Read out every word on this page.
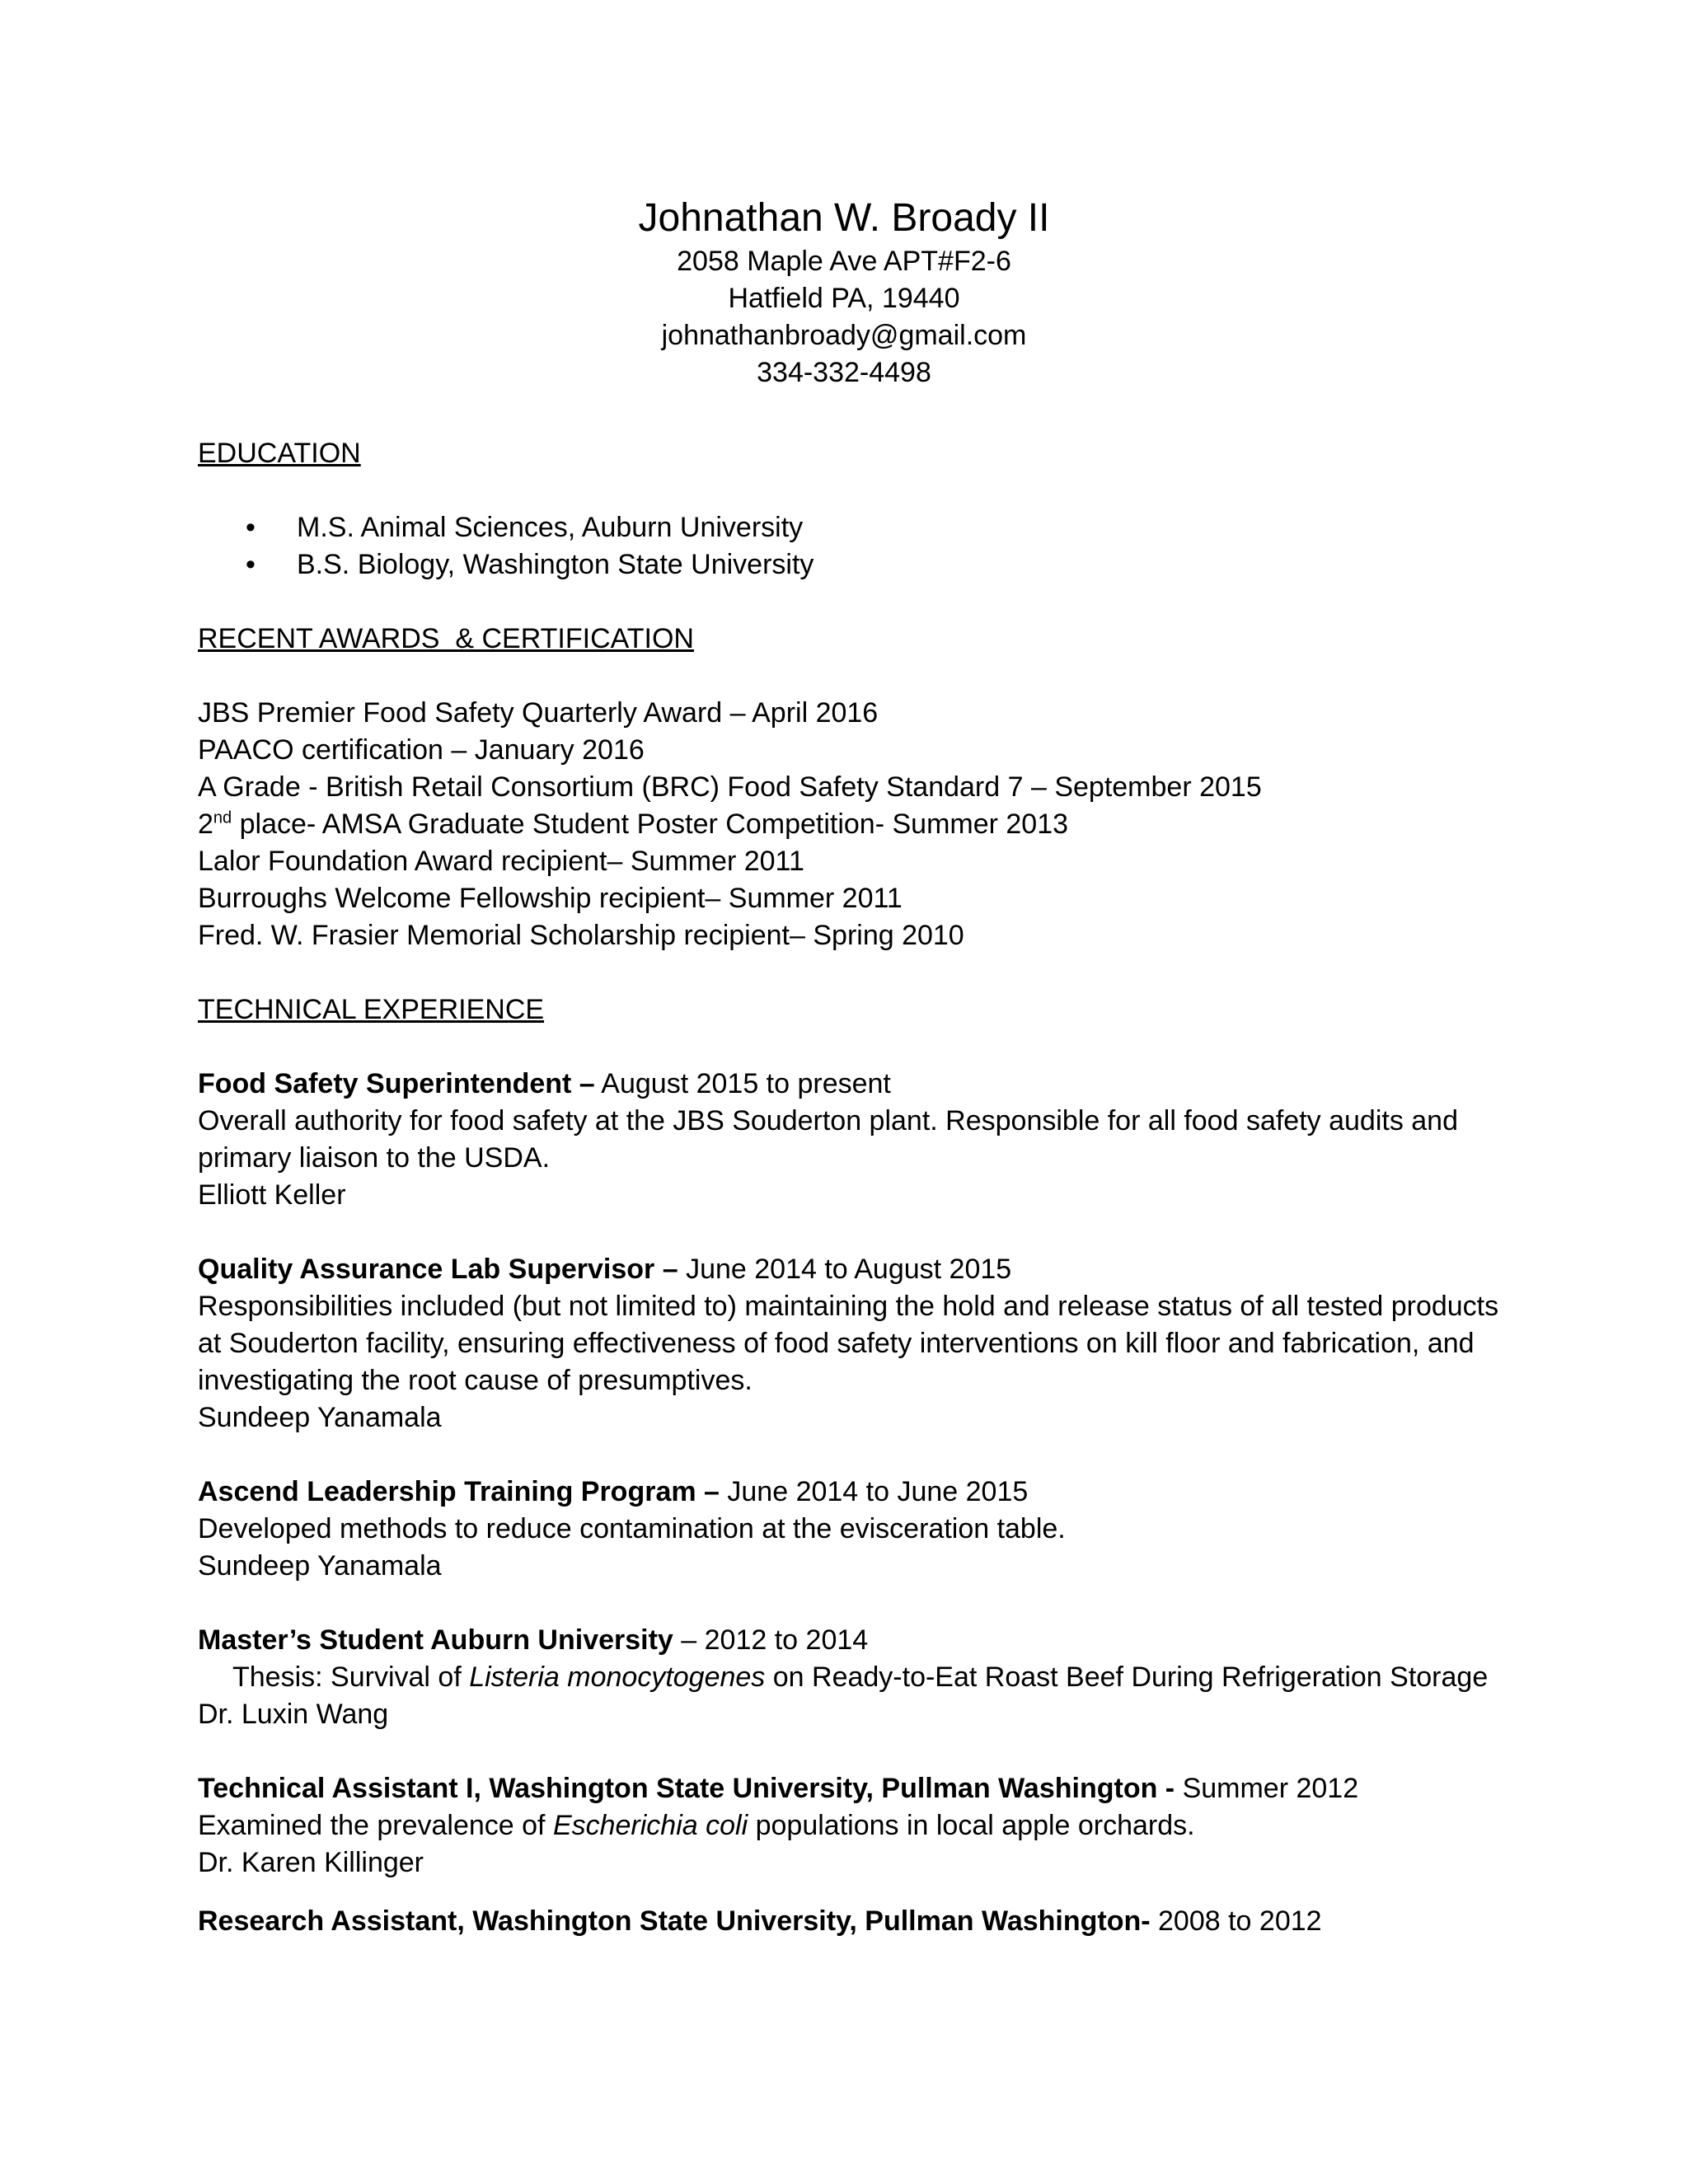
Johnathan W. Broady II

2058 Maple Ave APT#F2-6

Hatfield PA, 19440

johnathanbroady@gmail.com

334-332-4498

EDUCATION

• M.S. Animal Sciences, Auburn University
• B.S. Biology, Washington State University

RECENT AWARDS  & CERTIFICATION

JBS Premier Food Safety Quarterly Award – April 2016

PAACO certification – January 2016

A Grade - British Retail Consortium (BRC) Food Safety Standard 7 – September 2015

2nd place- AMSA Graduate Student Poster Competition- Summer 2013

Lalor Foundation Award recipient– Summer 2011

Burroughs Welcome Fellowship recipient– Summer 2011

Fred. W. Frasier Memorial Scholarship recipient– Spring 2010

TECHNICAL EXPERIENCE

Food Safety Superintendent – August 2015 to present

Overall authority for food safety at the JBS Souderton plant. Responsible for all food safety audits and primary liaison to the USDA.

Elliott Keller

Quality Assurance Lab Supervisor – June 2014 to August 2015

Responsibilities included (but not limited to) maintaining the hold and release status of all tested products at Souderton facility, ensuring effectiveness of food safety interventions on kill floor and fabrication, and investigating the root cause of presumptives.

Sundeep Yanamala

Ascend Leadership Training Program – June 2014 to June 2015

Developed methods to reduce contamination at the evisceration table.

Sundeep Yanamala

Master’s Student Auburn University – 2012 to 2014

Thesis: Survival of Listeria monocytogenes on Ready-to-Eat Roast Beef During Refrigeration Storage

Dr. Luxin Wang

Technical Assistant I, Washington State University, Pullman Washington - Summer 2012

Examined the prevalence of Escherichia coli populations in local apple orchards.

Dr. Karen Killinger

Research Assistant, Washington State University, Pullman Washington- 2008 to 2012
